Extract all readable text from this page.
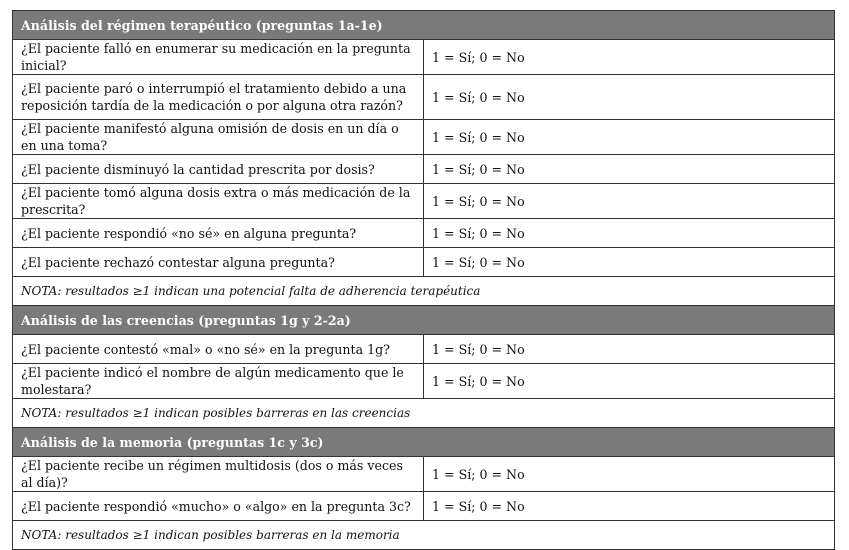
Análisis del régimen terapéutico (preguntas 1a-1e)	
¿El paciente falló en enumerar su medicación en la pregunta inicial?	1 = Sí; 0 = No
¿El paciente paró o interrumpió el tratamiento debido a una reposición tardía de la medicación o por alguna otra razón?	1 = Sí; 0 = No
¿El paciente manifestó alguna omisión de dosis en un día o en una toma?	1 = Sí; 0 = No
¿El paciente disminuyó la cantidad prescrita por dosis?	1 = Sí; 0 = No
¿El paciente tomó alguna dosis extra o más medicación de la prescrita?	1 = Sí; 0 = No
¿El paciente respondió «no sé» en alguna pregunta?	1 = Sí; 0 = No
¿El paciente rechazó contestar alguna pregunta?	1 = Sí; 0 = No
NOTA: resultados ≥1 indican una potencial falta de adherencia terapéutica	
Análisis de las creencias (preguntas 1g y 2-2a)	
¿El paciente contestó «mal» o «no sé» en la pregunta 1g?	1 = Sí; 0 = No
¿El paciente indicó el nombre de algún medicamento que le molestara?	1 = Sí; 0 = No
NOTA: resultados ≥1 indican posibles barreras en las creencias	
Análisis de la memoria (preguntas 1c y 3c)	
¿El paciente recibe un régimen multidosis (dos o más veces al día)?	1 = Sí; 0 = No
¿El paciente respondió «mucho» o «algo» en la pregunta 3c?	1 = Sí; 0 = No
NOTA: resultados ≥1 indican posibles barreras en la memoria	
